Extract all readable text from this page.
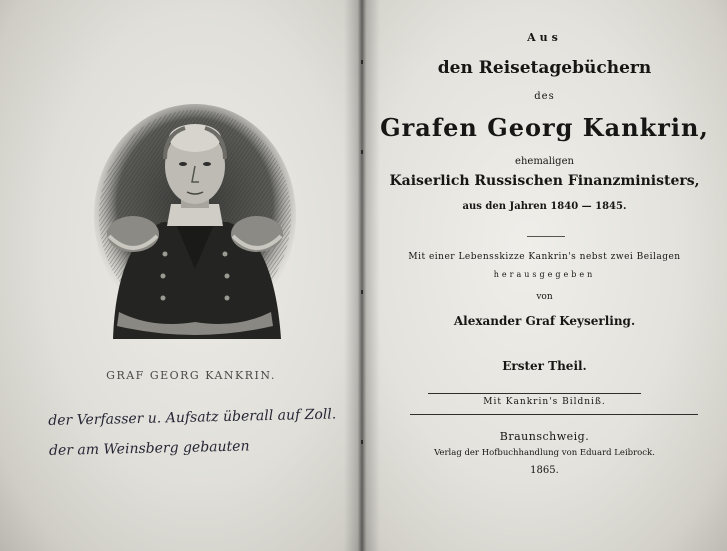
GRAF GEORG KANKRIN.
der Verfasser u. Aufsatz überall auf Zoll.
der am Weinsberg gebauten
Aus
den Reisetagebüchern
des
Grafen Georg Kankrin,
ehemaligen
Kaiserlich Russischen Finanzministers,
aus den Jahren 1840 — 1845.
Mit einer Lebensskizze Kankrin's nebst zwei Beilagen
herausgegeben
von
Alexander Graf Keyserling.
Erster Theil.
Mit Kankrin's Bildniß.
Braunschweig.
Verlag der Hofbuchhandlung von Eduard Leibrock.
1865.
